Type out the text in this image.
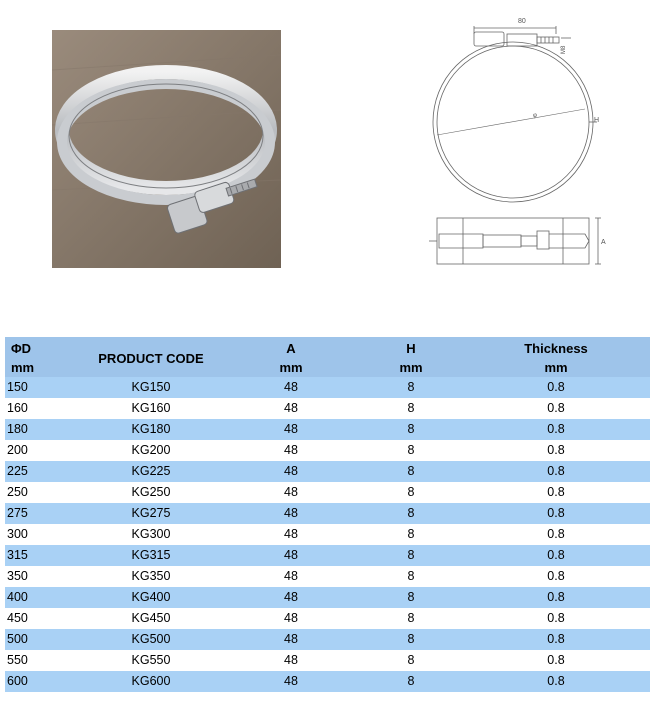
80
M8
φ
H
A
ΦD	PRODUCT CODE	A	H	Thickness
mm		mm	mm	mm
150	KG150	48	8	0.8
160	KG160	48	8	0.8
180	KG180	48	8	0.8
200	KG200	48	8	0.8
225	KG225	48	8	0.8
250	KG250	48	8	0.8
275	KG275	48	8	0.8
300	KG300	48	8	0.8
315	KG315	48	8	0.8
350	KG350	48	8	0.8
400	KG400	48	8	0.8
450	KG450	48	8	0.8
500	KG500	48	8	0.8
550	KG550	48	8	0.8
600	KG600	48	8	0.8
